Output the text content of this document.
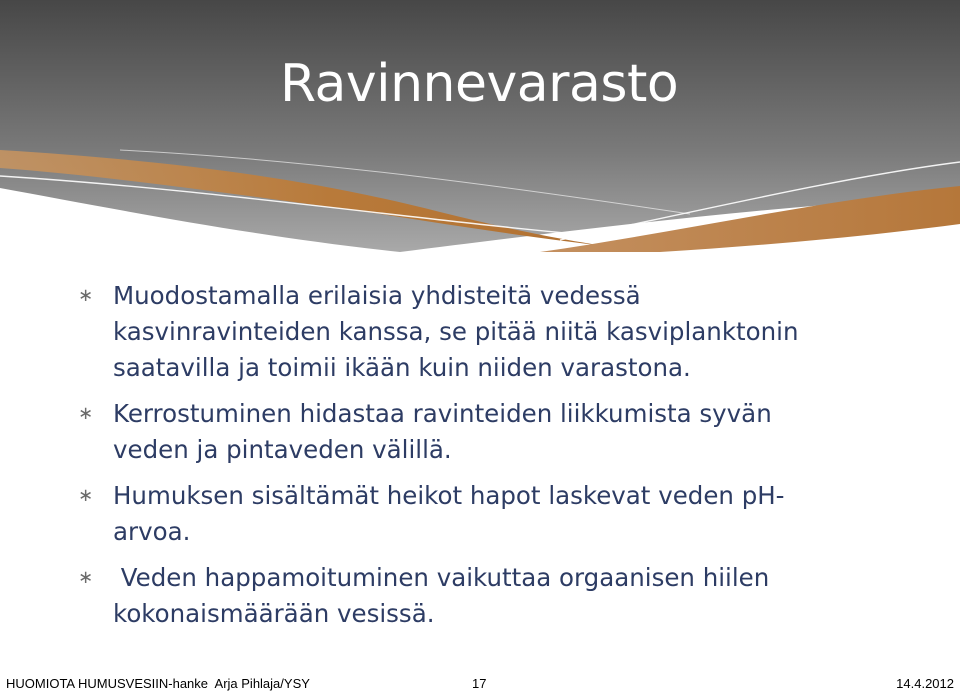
Ravinnevarasto
∗ Muodostamalla erilaisia yhdisteitä vedessä kasvinravinteiden kanssa, se pitää niitä kasviplanktonin saatavilla ja toimii ikään kuin niiden varastona.
∗ Kerrostuminen hidastaa ravinteiden liikkumista syvän veden ja pintaveden välillä.
∗ Humuksen sisältämät heikot hapot laskevat veden pH-arvoa.
∗ Veden happamoituminen vaikuttaa orgaanisen hiilen kokonaismäärään vesissä.
HUOMIOTA HUMUSVESIIN-hanke  Arja Pihlaja/YSY	17	14.4.2012
